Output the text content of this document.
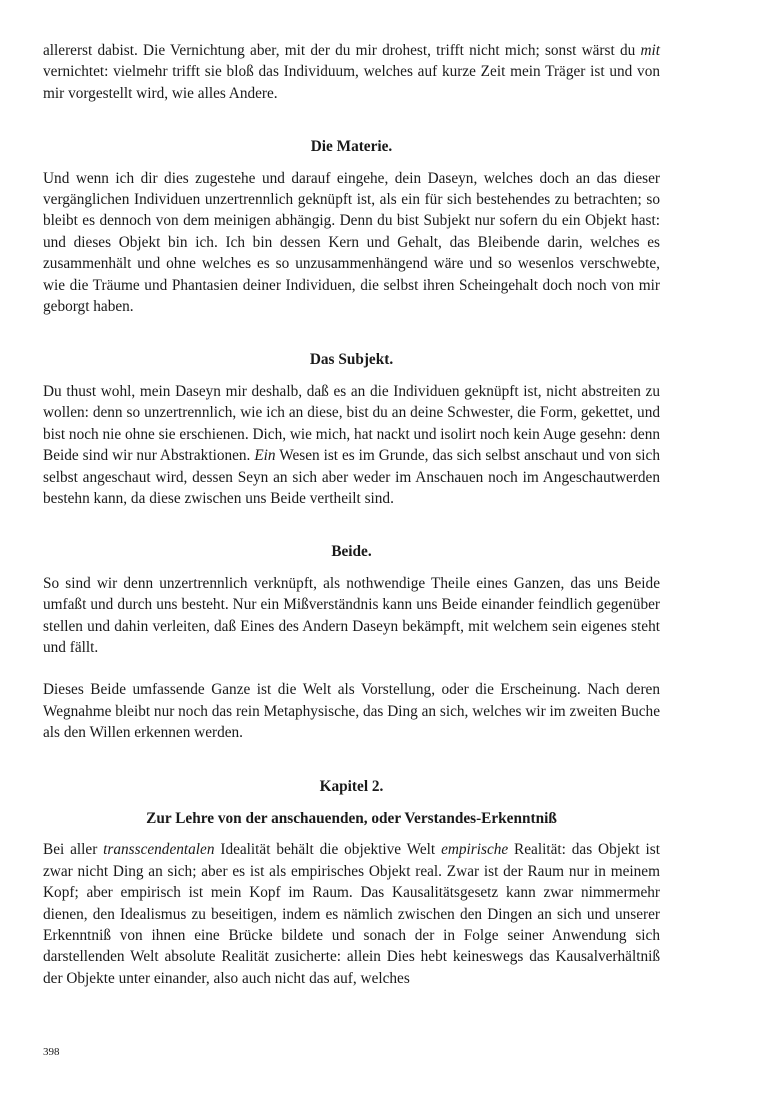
allererst dabist. Die Vernichtung aber, mit der du mir drohest, trifft nicht mich; sonst wärst du mit vernichtet: vielmehr trifft sie bloß das Individuum, welches auf kurze Zeit mein Träger ist und von mir vorgestellt wird, wie alles Andere.

Die Materie.

Und wenn ich dir dies zugestehe und darauf eingehe, dein Daseyn, welches doch an das dieser vergänglichen Individuen unzertrennlich geknüpft ist, als ein für sich bestehendes zu betrachten; so bleibt es dennoch von dem meinigen abhängig. Denn du bist Subjekt nur sofern du ein Objekt hast: und dieses Objekt bin ich. Ich bin dessen Kern und Gehalt, das Bleibende darin, welches es zusammenhält und ohne welches es so unzusammenhängend wäre und so wesenlos verschwebte, wie die Träume und Phantasien deiner Individuen, die selbst ihren Scheingehalt doch noch von mir geborgt haben.

Das Subjekt.

Du thust wohl, mein Daseyn mir deshalb, daß es an die Individuen geknüpft ist, nicht abstreiten zu wollen: denn so unzertrennlich, wie ich an diese, bist du an deine Schwester, die Form, gekettet, und bist noch nie ohne sie erschienen. Dich, wie mich, hat nackt und isolirt noch kein Auge gesehn: denn Beide sind wir nur Abstraktionen. Ein Wesen ist es im Grunde, das sich selbst anschaut und von sich selbst angeschaut wird, dessen Seyn an sich aber weder im Anschauen noch im Angeschautwerden bestehn kann, da diese zwischen uns Beide vertheilt sind.

Beide.

So sind wir denn unzertrennlich verknüpft, als nothwendige Theile eines Ganzen, das uns Beide umfaßt und durch uns besteht. Nur ein Mißverständnis kann uns Beide einander feindlich gegenüber stellen und dahin verleiten, daß Eines des Andern Daseyn bekämpft, mit welchem sein eigenes steht und fällt.

Dieses Beide umfassende Ganze ist die Welt als Vorstellung, oder die Erscheinung. Nach deren Wegnahme bleibt nur noch das rein Metaphysische, das Ding an sich, welches wir im zweiten Buche als den Willen erkennen werden.

Kapitel 2.
Zur Lehre von der anschauenden, oder Verstandes-Erkenntniß

Bei aller transscendentalen Idealität behält die objektive Welt empirische Realität: das Objekt ist zwar nicht Ding an sich; aber es ist als empirisches Objekt real. Zwar ist der Raum nur in meinem Kopf; aber empirisch ist mein Kopf im Raum. Das Kausalitätsgesetz kann zwar nimmermehr dienen, den Idealismus zu beseitigen, indem es nämlich zwischen den Dingen an sich und unserer Erkenntniß von ihnen eine Brücke bildete und sonach der in Folge seiner Anwendung sich darstellenden Welt absolute Realität zusicherte: allein Dies hebt keineswegs das Kausalverhältniß der Objekte unter einander, also auch nicht das auf, welches

398
